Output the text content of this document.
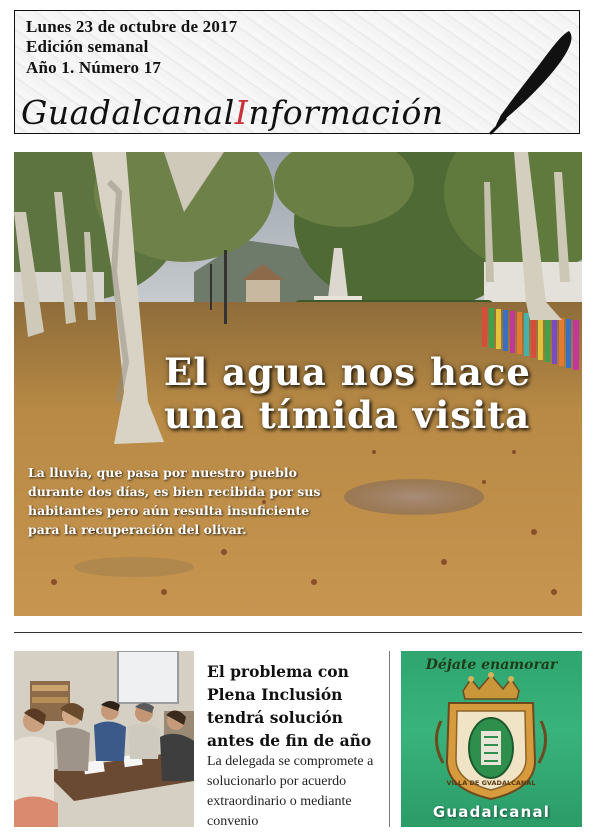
Lunes 23 de octubre de 2017
Edición semanal
Año 1. Número 17
GuadalcanalInformación
El agua nos hace
una tímida visita

La lluvia, que pasa por nuestro pueblo durante dos días, es bien recibida por sus habitantes pero aún resulta insuficiente para la recuperación del olivar.

El problema con Plena Inclusión tendrá solución antes de fin de año

La delegada se compromete a solucionarlo por acuerdo extraordinario o mediante convenio

VILLA DE GVADALCANAL
Déjate enamorar
Guadalcanal
